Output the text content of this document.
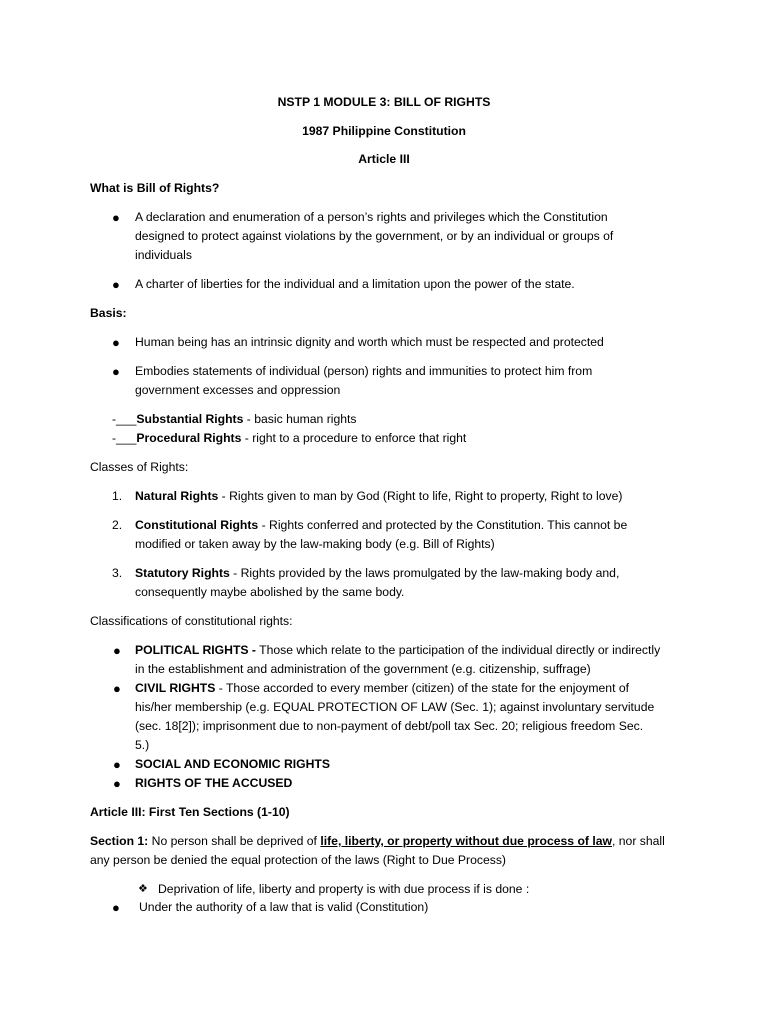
NSTP 1 MODULE 3: BILL OF RIGHTS
1987 Philippine Constitution
Article III
What is Bill of Rights?
● A declaration and enumeration of a person’s rights and privileges which the Constitution
designed to protect against violations by the government, or by an individual or groups of
individuals
● A charter of liberties for the individual and a limitation upon the power of the state.
Basis:
● Human being has an intrinsic dignity and worth which must be respected and protected
● Embodies statements of individual (person) rights and immunities to protect him from
government excesses and oppression
-___Substantial Rights - basic human rights
-___Procedural Rights - right to a procedure to enforce that right
Classes of Rights:
1. Natural Rights - Rights given to man by God (Right to life, Right to property, Right to love)
2. Constitutional Rights - Rights conferred and protected by the Constitution. This cannot be
modified or taken away by the law-making body (e.g. Bill of Rights)
3. Statutory Rights - Rights provided by the laws promulgated by the law-making body and,
consequently maybe abolished by the same body.
Classifications of constitutional rights:
● POLITICAL RIGHTS - Those which relate to the participation of the individual directly or indirectly
in the establishment and administration of the government (e.g. citizenship, suffrage)
● CIVIL RIGHTS - Those accorded to every member (citizen) of the state for the enjoyment of
his/her membership (e.g. EQUAL PROTECTION OF LAW (Sec. 1); against involuntary servitude
(sec. 18[2]); imprisonment due to non-payment of debt/poll tax Sec. 20; religious freedom Sec.
5.)
● SOCIAL AND ECONOMIC RIGHTS
● RIGHTS OF THE ACCUSED
Article III: First Ten Sections (1-10)
Section 1: No person shall be deprived of life, liberty, or property without due process of law, nor shall
any person be denied the equal protection of the laws (Right to Due Process)
❖ Deprivation of life, liberty and property is with due process if is done :
● Under the authority of a law that is valid (Constitution)
